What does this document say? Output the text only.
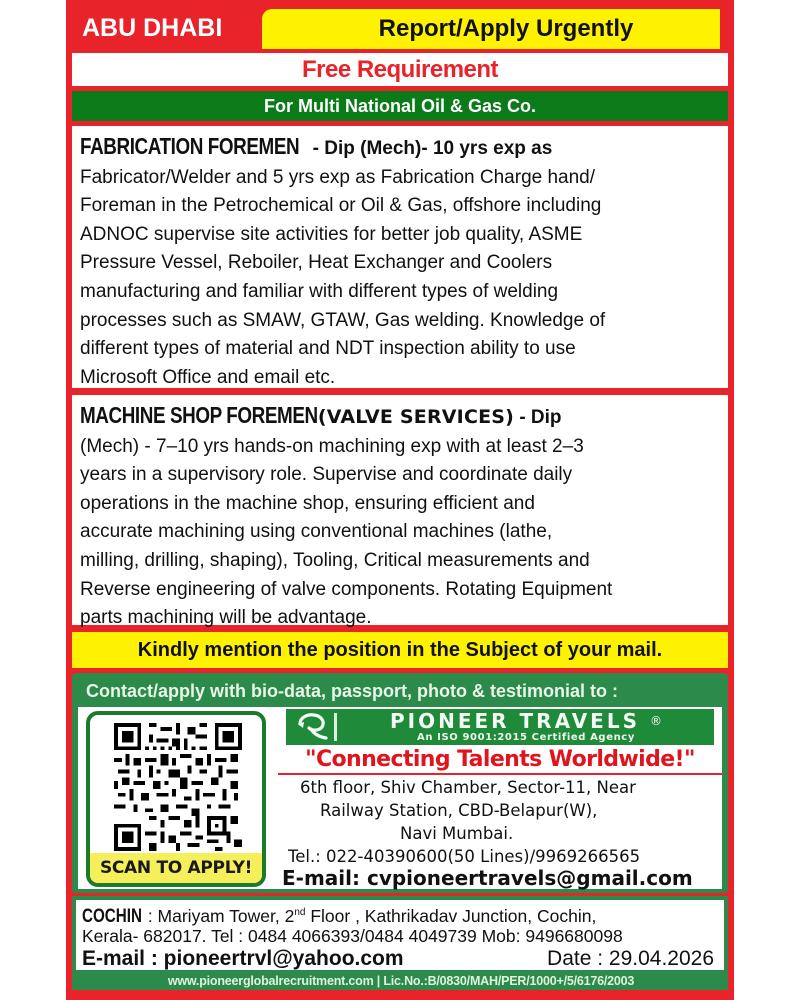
ABU DHABI	Report/Apply Urgently
Free Requirement
For Multi National Oil & Gas Co.
FABRICATION FOREMEN - Dip (Mech)- 10 yrs exp as
Fabricator/Welder and 5 yrs exp as Fabrication Charge hand/
Foreman in the Petrochemical or Oil & Gas, offshore including
ADNOC supervise site activities for better job quality, ASME
Pressure Vessel, Reboiler, Heat Exchanger and Coolers
manufacturing and familiar with different types of welding
processes such as SMAW, GTAW, Gas welding. Knowledge of
different types of material and NDT inspection ability to use
Microsoft Office and email etc.
MACHINE SHOP FOREMEN(VALVE SERVICES) - Dip
(Mech) - 7–10 yrs hands-on machining exp with at least 2–3
years in a supervisory role. Supervise and coordinate daily
operations in the machine shop, ensuring efficient and
accurate machining using conventional machines (lathe,
milling, drilling, shaping), Tooling, Critical measurements and
Reverse engineering of valve components. Rotating Equipment
parts machining will be advantage.
Kindly mention the position in the Subject of your mail.
Contact/apply with bio-data, passport, photo & testimonial to :
SCAN TO APPLY!
PIONEER TRAVELS ®
An ISO 9001:2015 Certified Agency
"Connecting Talents Worldwide!"
6th floor, Shiv Chamber, Sector-11, Near
Railway Station, CBD-Belapur(W),
Navi Mumbai.
Tel.: 022-40390600(50 Lines)/9969266565
E-mail: cvpioneertravels@gmail.com
COCHIN : Mariyam Tower, 2nd Floor , Kathrikadav Junction, Cochin,
Kerala- 682017. Tel : 0484 4066393/0484 4049739 Mob: 9496680098
E-mail : pioneertrvl@yahoo.com	Date : 29.04.2026
www.pioneerglobalrecruitment.com | Lic.No.:B/0830/MAH/PER/1000+/5/6176/2003
